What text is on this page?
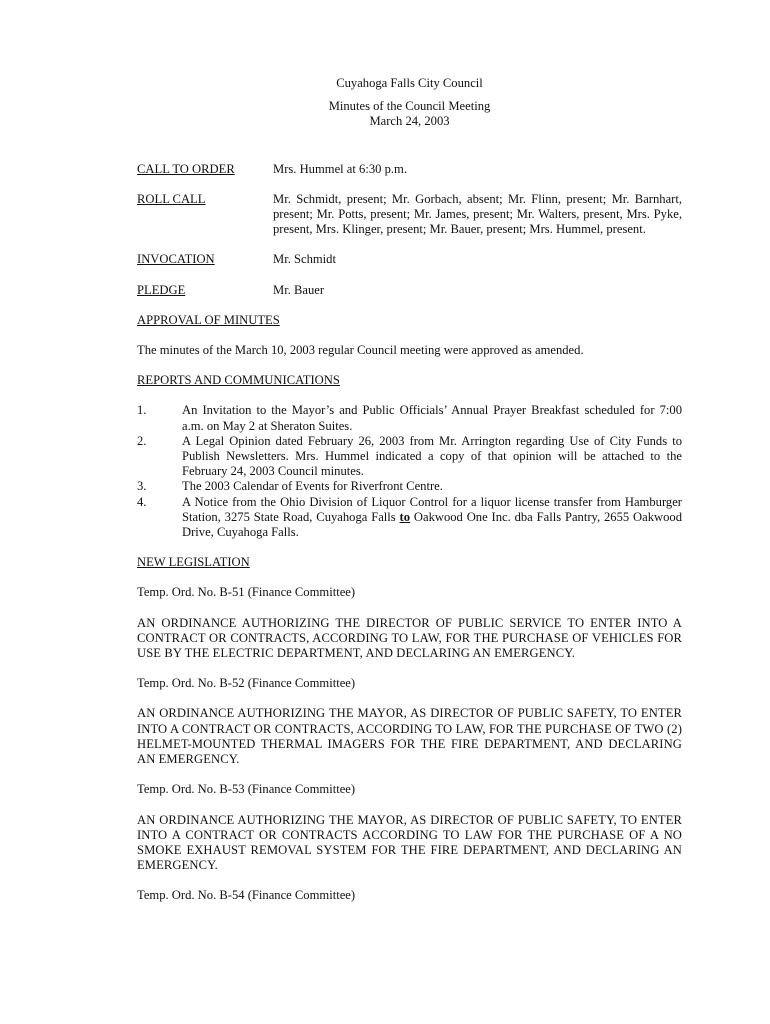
Cuyahoga Falls City Council
Minutes of the Council Meeting
March 24, 2003
CALL TO ORDER	Mrs. Hummel at 6:30 p.m.
ROLL CALL	Mr. Schmidt, present; Mr. Gorbach, absent; Mr. Flinn, present; Mr. Barnhart, present; Mr. Potts, present; Mr. James, present; Mr. Walters, present, Mrs. Pyke, present, Mrs. Klinger, present; Mr. Bauer, present; Mrs. Hummel, present.
INVOCATION	Mr. Schmidt
PLEDGE	Mr. Bauer
APPROVAL OF MINUTES
The minutes of the March 10, 2003 regular Council meeting were approved as amended.
REPORTS AND COMMUNICATIONS
1.	An Invitation to the Mayor’s and Public Officials’ Annual Prayer Breakfast scheduled for 7:00 a.m. on May 2 at Sheraton Suites.
2.	A Legal Opinion dated February 26, 2003 from Mr. Arrington regarding Use of City Funds to Publish Newsletters. Mrs. Hummel indicated a copy of that opinion will be attached to the February 24, 2003 Council minutes.
3.	The 2003 Calendar of Events for Riverfront Centre.
4.	A Notice from the Ohio Division of Liquor Control for a liquor license transfer from Hamburger Station, 3275 State Road, Cuyahoga Falls to Oakwood One Inc. dba Falls Pantry, 2655 Oakwood Drive, Cuyahoga Falls.
NEW LEGISLATION
Temp. Ord. No. B-51 (Finance Committee)
AN ORDINANCE AUTHORIZING THE DIRECTOR OF PUBLIC SERVICE TO ENTER INTO A CONTRACT OR CONTRACTS, ACCORDING TO LAW, FOR THE PURCHASE OF VEHICLES FOR USE BY THE ELECTRIC DEPARTMENT, AND DECLARING AN EMERGENCY.
Temp. Ord. No. B-52 (Finance Committee)
AN ORDINANCE AUTHORIZING THE MAYOR, AS DIRECTOR OF PUBLIC SAFETY, TO ENTER INTO A CONTRACT OR CONTRACTS, ACCORDING TO LAW, FOR THE PURCHASE OF TWO (2) HELMET-MOUNTED THERMAL IMAGERS FOR THE FIRE DEPARTMENT, AND DECLARING AN EMERGENCY.
Temp. Ord. No. B-53 (Finance Committee)
AN ORDINANCE AUTHORIZING THE MAYOR, AS DIRECTOR OF PUBLIC SAFETY, TO ENTER INTO A CONTRACT OR CONTRACTS ACCORDING TO LAW FOR THE PURCHASE OF A NO SMOKE EXHAUST REMOVAL SYSTEM FOR THE FIRE DEPARTMENT, AND DECLARING AN EMERGENCY.
Temp. Ord. No. B-54 (Finance Committee)
